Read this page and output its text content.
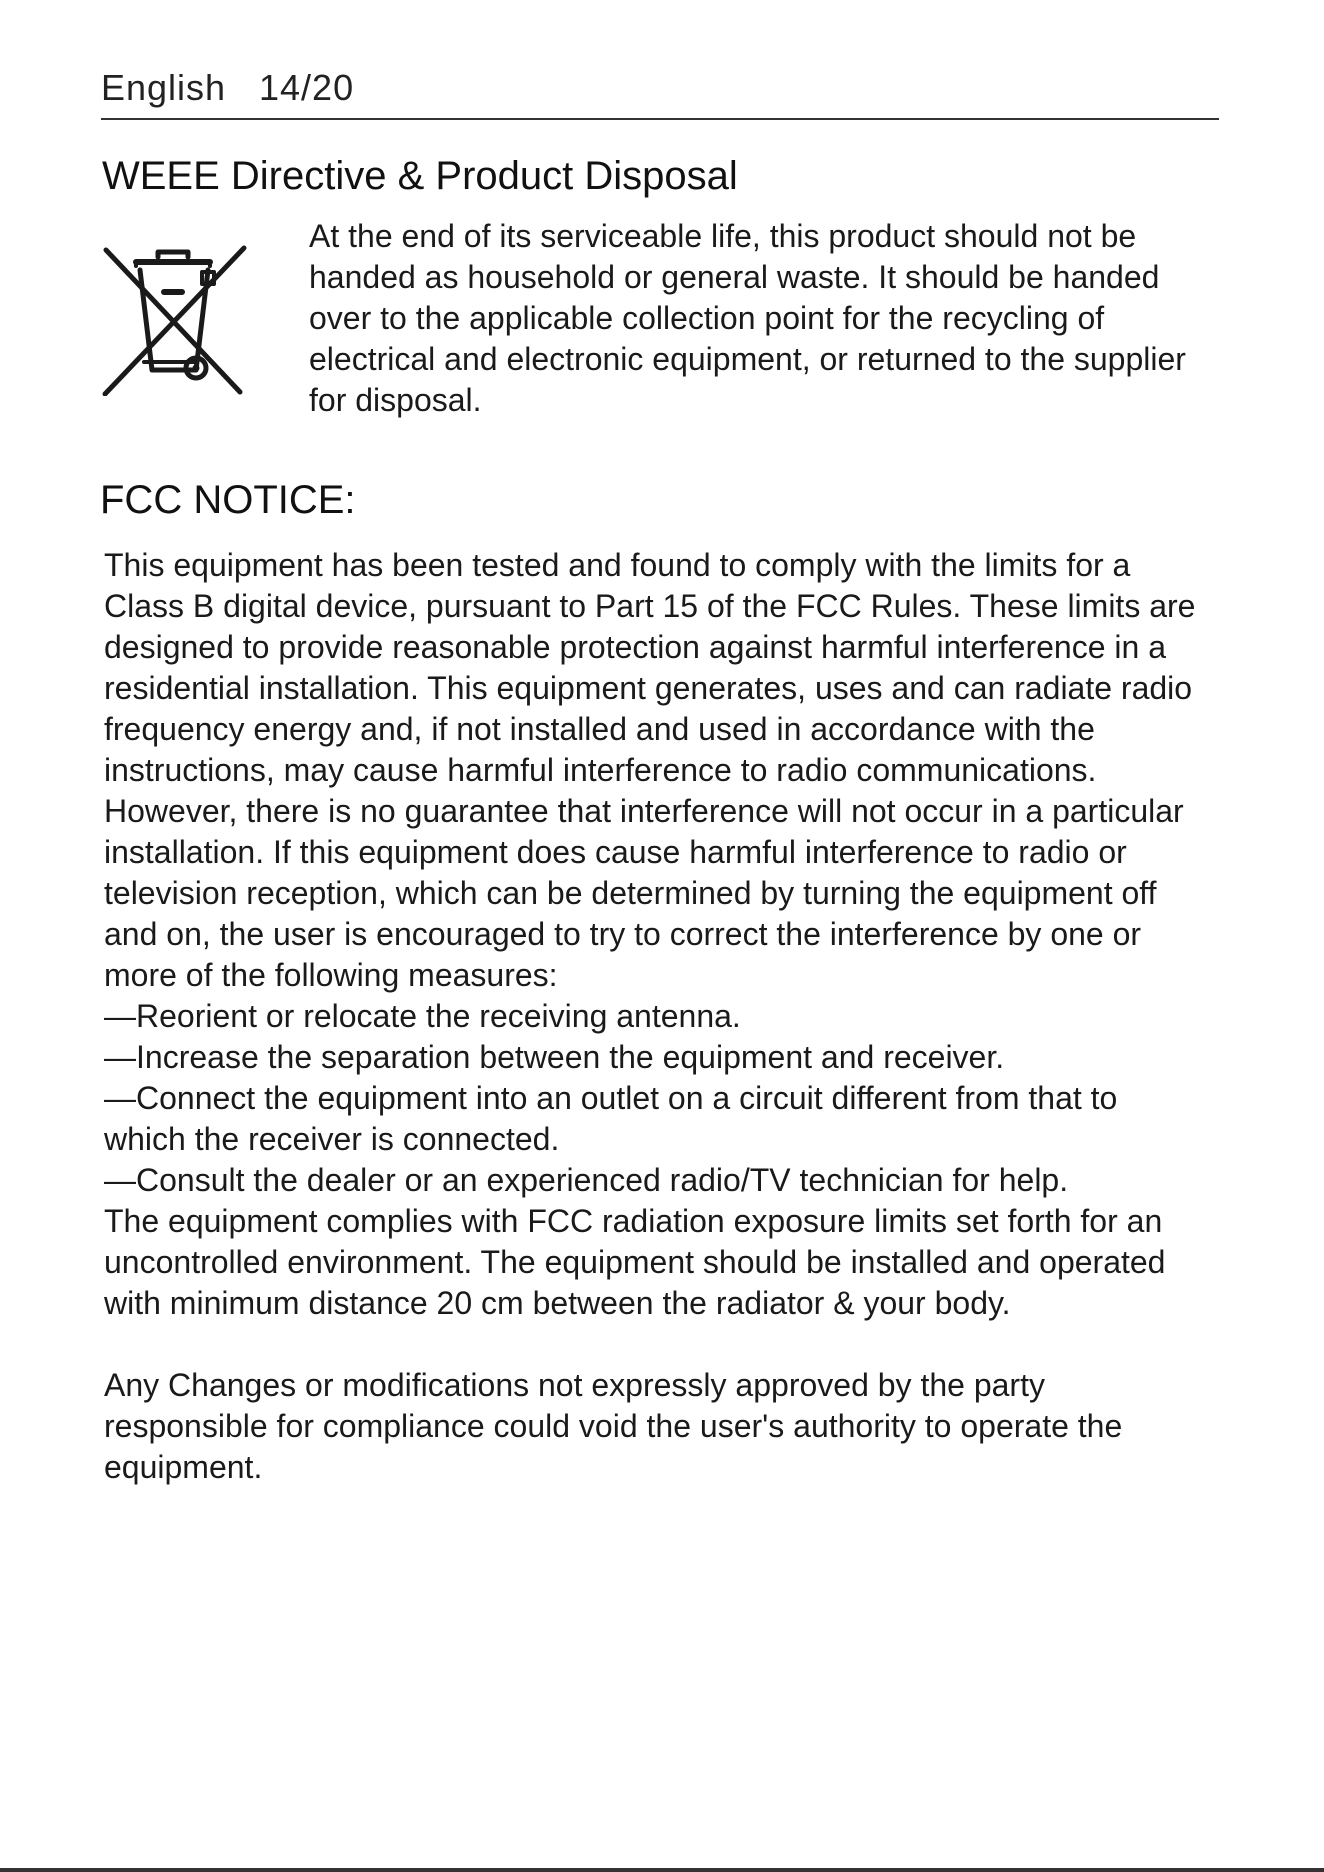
English 14/20
WEEE Directive & Product Disposal
At the end of its serviceable life, this product should not be
handed as household or general waste. It should be handed
over to the applicable collection point for the recycling of
electrical and electronic equipment, or returned to the supplier
for disposal.
FCC NOTICE:
This equipment has been tested and found to comply with the limits for a
Class B digital device, pursuant to Part 15 of the FCC Rules. These limits are
designed to provide reasonable protection against harmful interference in a
residential installation. This equipment generates, uses and can radiate radio
frequency energy and, if not installed and used in accordance with the
instructions, may cause harmful interference to radio communications.
However, there is no guarantee that interference will not occur in a particular
installation. If this equipment does cause harmful interference to radio or
television reception, which can be determined by turning the equipment off
and on, the user is encouraged to try to correct the interference by one or
more of the following measures:
—Reorient or relocate the receiving antenna.
—Increase the separation between the equipment and receiver.
—Connect the equipment into an outlet on a circuit different from that to
which the receiver is connected.
—Consult the dealer or an experienced radio/TV technician for help.
The equipment complies with FCC radiation exposure limits set forth for an
uncontrolled environment. The equipment should be installed and operated
with minimum distance 20 cm between the radiator & your body.
Any Changes or modifications not expressly approved by the party
responsible for compliance could void the user's authority to operate the
equipment.
